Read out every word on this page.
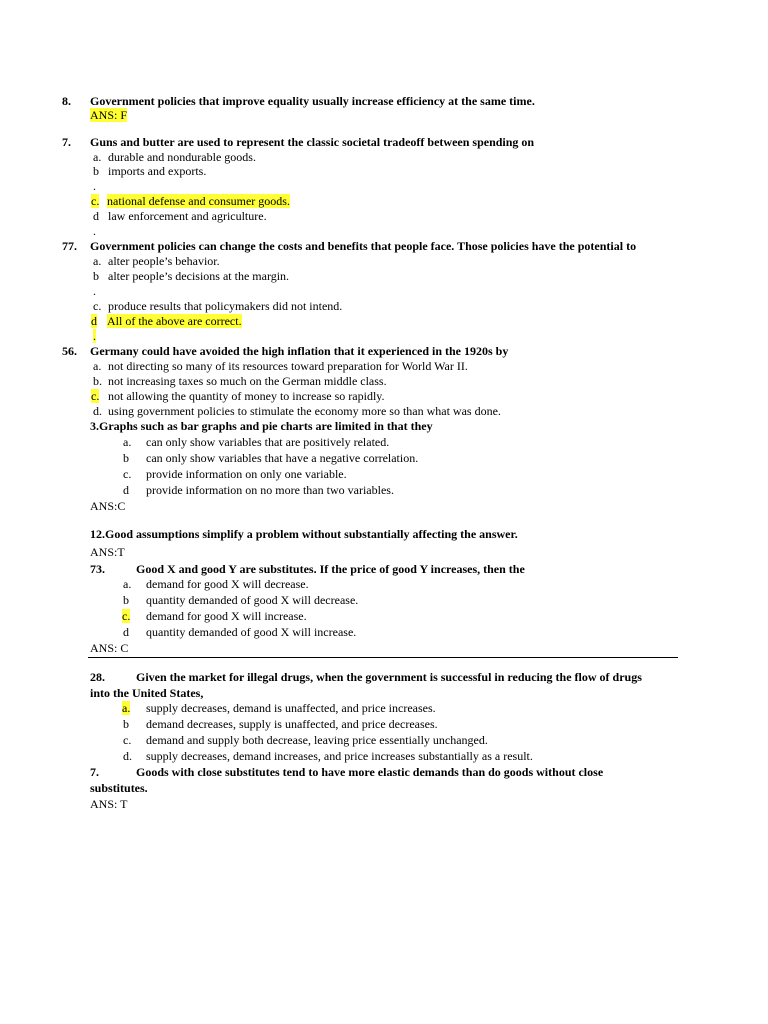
8. Government policies that improve equality usually increase efficiency at the same time.
ANS: F
7. Guns and butter are used to represent the classic societal tradeoff between spending on
a. durable and nondurable goods.
b imports and exports.
.
c. national defense and consumer goods.
d law enforcement and agriculture.
.
77. Government policies can change the costs and benefits that people face. Those policies have the potential to
a. alter people’s behavior.
b alter people’s decisions at the margin.
.
c. produce results that policymakers did not intend.
d All of the above are correct.
.
56. Germany could have avoided the high inflation that it experienced in the 1920s by
a. not directing so many of its resources toward preparation for World War II.
b. not increasing taxes so much on the German middle class.
c. not allowing the quantity of money to increase so rapidly.
d. using government policies to stimulate the economy more so than what was done.
3.Graphs such as bar graphs and pie charts are limited in that they
a. can only show variables that are positively related.
b can only show variables that have a negative correlation.
c. provide information on only one variable.
d provide information on no more than two variables.
ANS:C
12.Good assumptions simplify a problem without substantially affecting the answer.
ANS:T
73.	Good X and good Y are substitutes. If the price of good Y increases, then the
a. demand for good X will decrease.
b quantity demanded of good X will decrease.
c. demand for good X will increase.
d quantity demanded of good X will increase.
ANS: C
28.	Given the market for illegal drugs, when the government is successful in reducing the flow of drugs
into the United States,
a. supply decreases, demand is unaffected, and price increases.
b demand decreases, supply is unaffected, and price decreases.
c. demand and supply both decrease, leaving price essentially unchanged.
d. supply decreases, demand increases, and price increases substantially as a result.
7.	Goods with close substitutes tend to have more elastic demands than do goods without close
substitutes.
ANS: T
